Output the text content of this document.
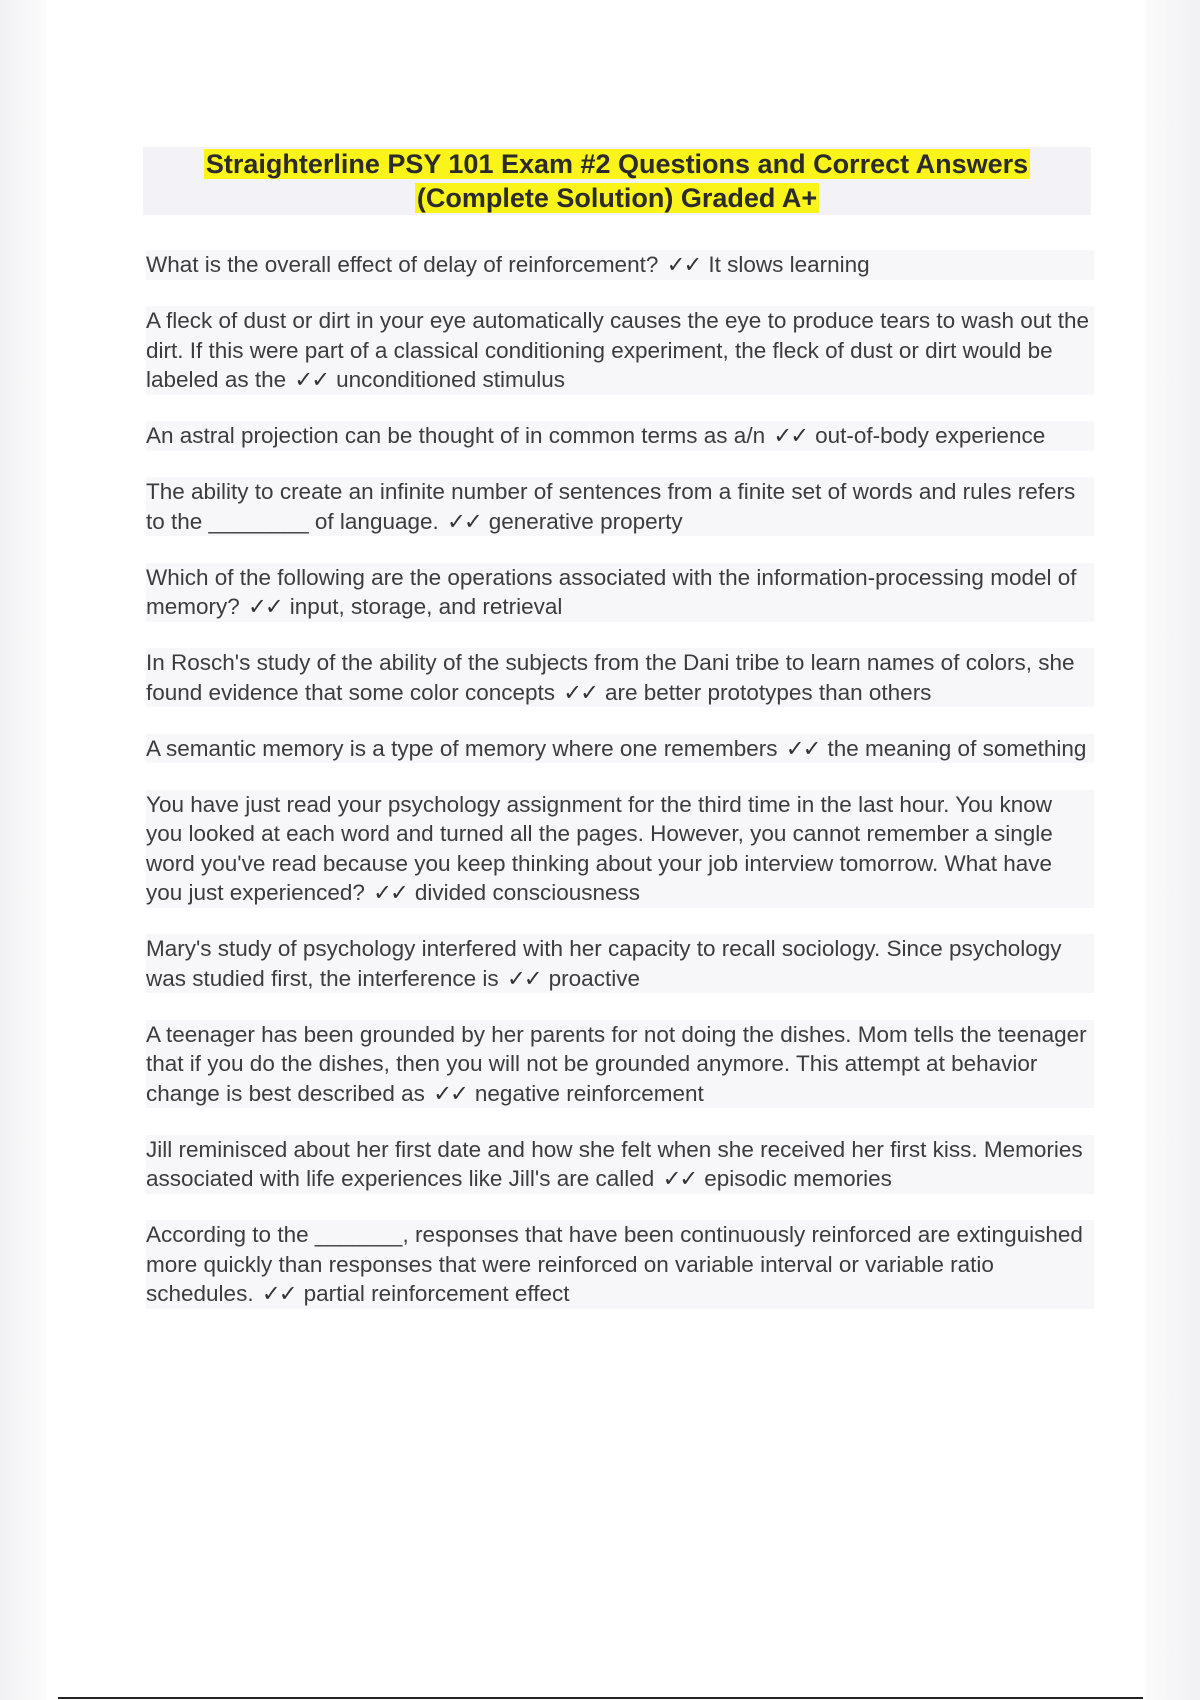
Straighterline PSY 101 Exam #2 Questions and Correct Answers
(Complete Solution) Graded A+

What is the overall effect of delay of reinforcement? ✓✓ It slows learning

A fleck of dust or dirt in your eye automatically causes the eye to produce tears to wash out the dirt. If this were part of a classical conditioning experiment, the fleck of dust or dirt would be labeled as the ✓✓ unconditioned stimulus

An astral projection can be thought of in common terms as a/n ✓✓ out-of-body experience

The ability to create an infinite number of sentences from a finite set of words and rules refers to the ________ of language. ✓✓ generative property

Which of the following are the operations associated with the information-processing model of memory? ✓✓ input, storage, and retrieval

In Rosch's study of the ability of the subjects from the Dani tribe to learn names of colors, she found evidence that some color concepts ✓✓ are better prototypes than others

A semantic memory is a type of memory where one remembers ✓✓ the meaning of something

You have just read your psychology assignment for the third time in the last hour. You know you looked at each word and turned all the pages. However, you cannot remember a single word you've read because you keep thinking about your job interview tomorrow. What have you just experienced? ✓✓ divided consciousness

Mary's study of psychology interfered with her capacity to recall sociology. Since psychology was studied first, the interference is ✓✓ proactive

A teenager has been grounded by her parents for not doing the dishes. Mom tells the teenager that if you do the dishes, then you will not be grounded anymore. This attempt at behavior change is best described as ✓✓ negative reinforcement

Jill reminisced about her first date and how she felt when she received her first kiss. Memories associated with life experiences like Jill's are called ✓✓ episodic memories

According to the _______, responses that have been continuously reinforced are extinguished more quickly than responses that were reinforced on variable interval or variable ratio schedules. ✓✓ partial reinforcement effect
